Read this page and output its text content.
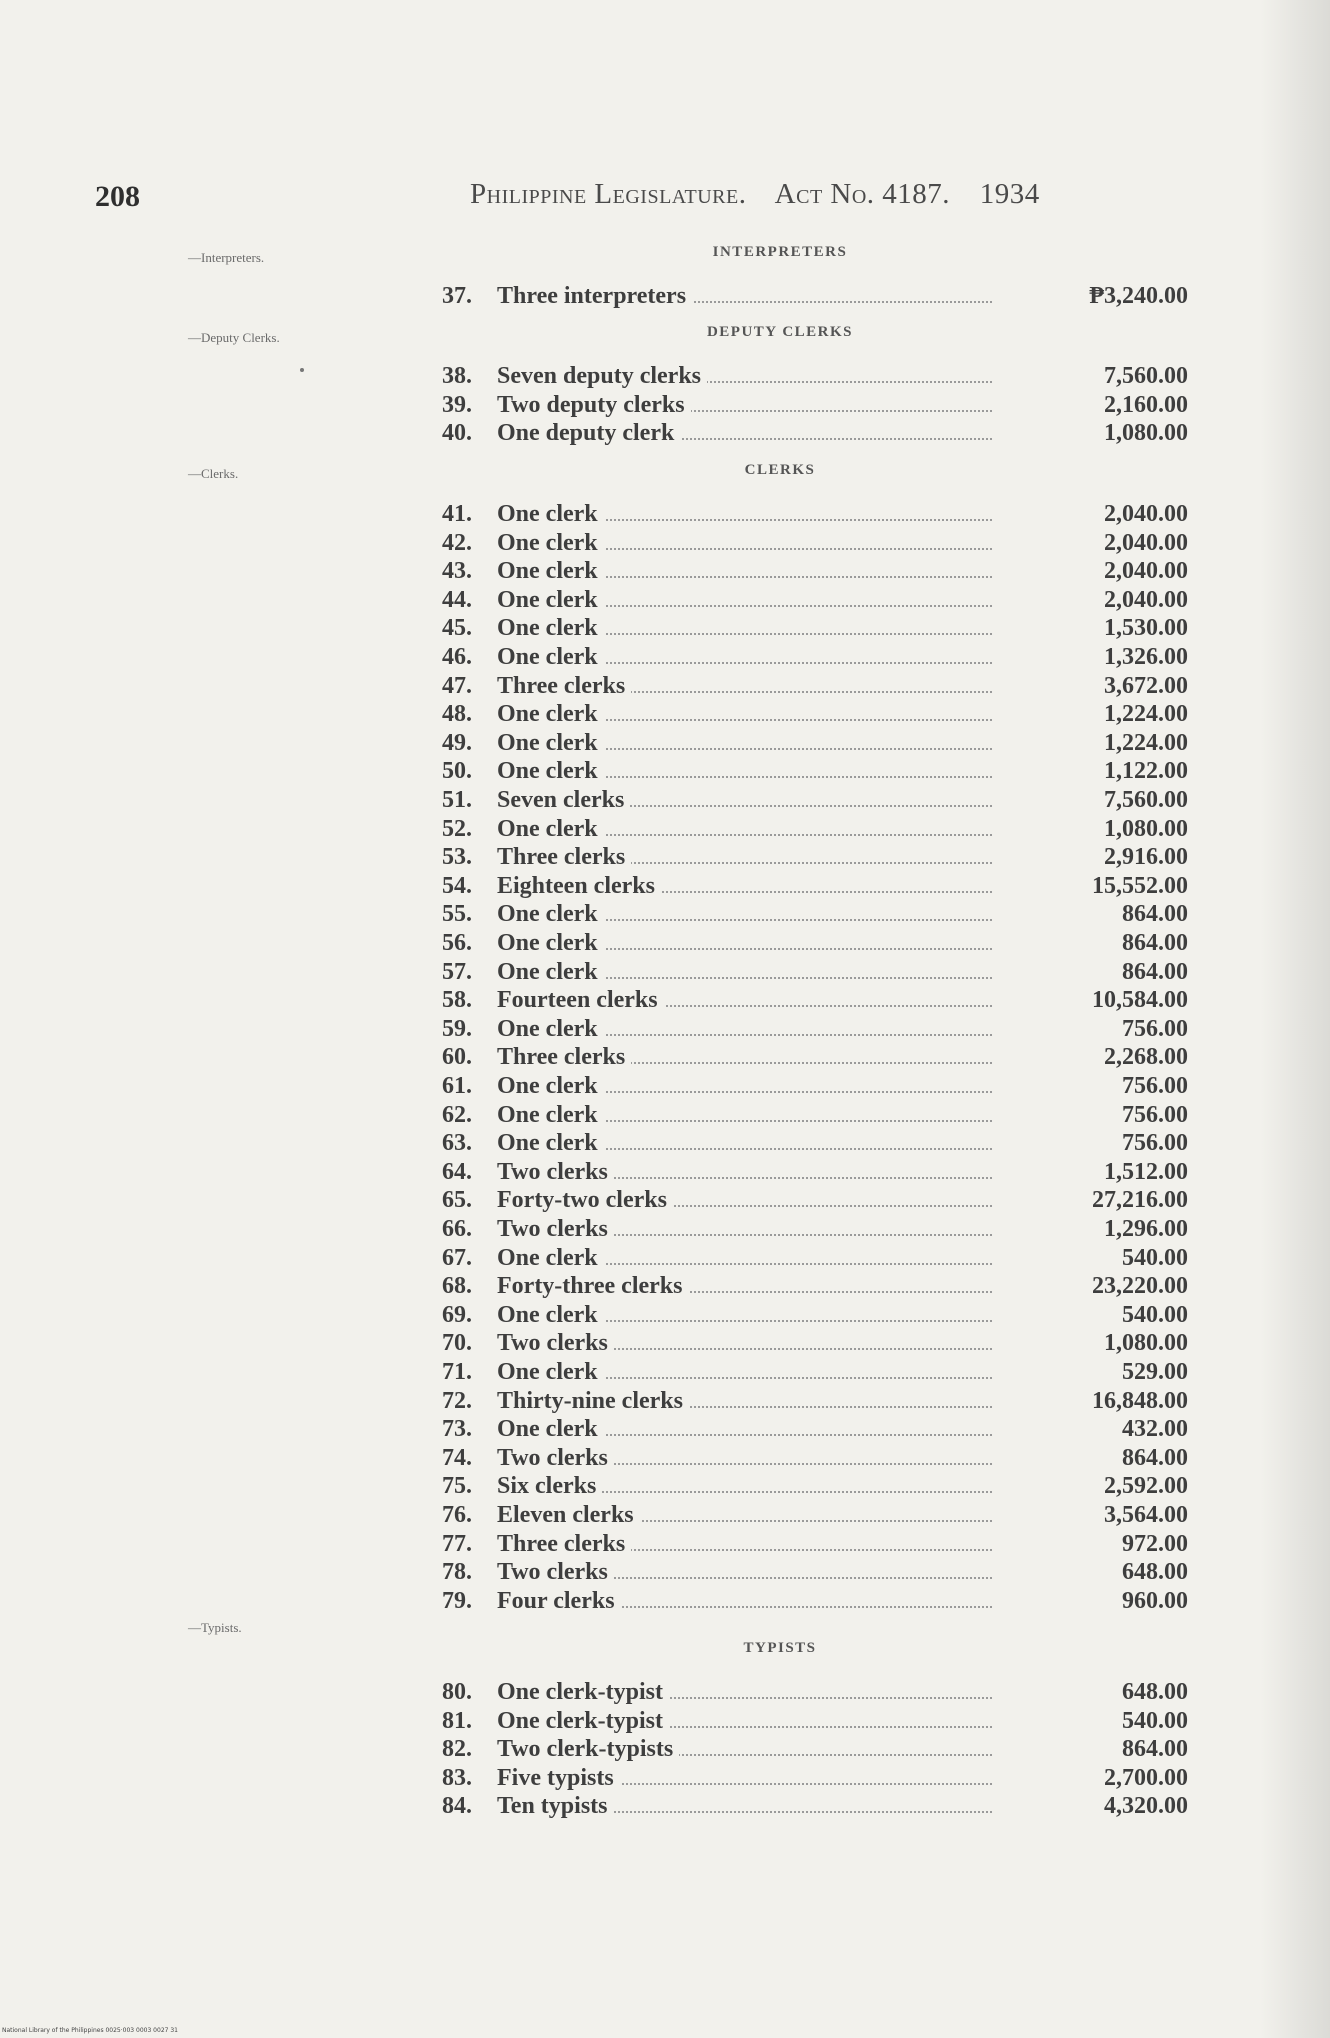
208	Philippine Legislature. Act No. 4187. 1934
—Interpreters.	INTERPRETERS
37.	Three interpreters	₱3,240.00
—Deputy Clerks.	DEPUTY CLERKS
38.	Seven deputy clerks	7,560.00
39.	Two deputy clerks	2,160.00
40.	One deputy clerk	1,080.00
—Clerks.	CLERKS
41.	One clerk	2,040.00
42.	One clerk	2,040.00
43.	One clerk	2,040.00
44.	One clerk	2,040.00
45.	One clerk	1,530.00
46.	One clerk	1,326.00
47.	Three clerks	3,672.00
48.	One clerk	1,224.00
49.	One clerk	1,224.00
50.	One clerk	1,122.00
51.	Seven clerks	7,560.00
52.	One clerk	1,080.00
53.	Three clerks	2,916.00
54.	Eighteen clerks	15,552.00
55.	One clerk	864.00
56.	One clerk	864.00
57.	One clerk	864.00
58.	Fourteen clerks	10,584.00
59.	One clerk	756.00
60.	Three clerks	2,268.00
61.	One clerk	756.00
62.	One clerk	756.00
63.	One clerk	756.00
64.	Two clerks	1,512.00
65.	Forty-two clerks	27,216.00
66.	Two clerks	1,296.00
67.	One clerk	540.00
68.	Forty-three clerks	23,220.00
69.	One clerk	540.00
70.	Two clerks	1,080.00
71.	One clerk	529.00
72.	Thirty-nine clerks	16,848.00
73.	One clerk	432.00
74.	Two clerks	864.00
75.	Six clerks	2,592.00
76.	Eleven clerks	3,564.00
77.	Three clerks	972.00
78.	Two clerks	648.00
79.	Four clerks	960.00
—Typists.
TYPISTS
80.	One clerk-typist	648.00
81.	One clerk-typist	540.00
82.	Two clerk-typists	864.00
83.	Five typists	2,700.00
84.	Ten typists	4,320.00
National Library of the Philippines 0025·003 0003 0027 31
